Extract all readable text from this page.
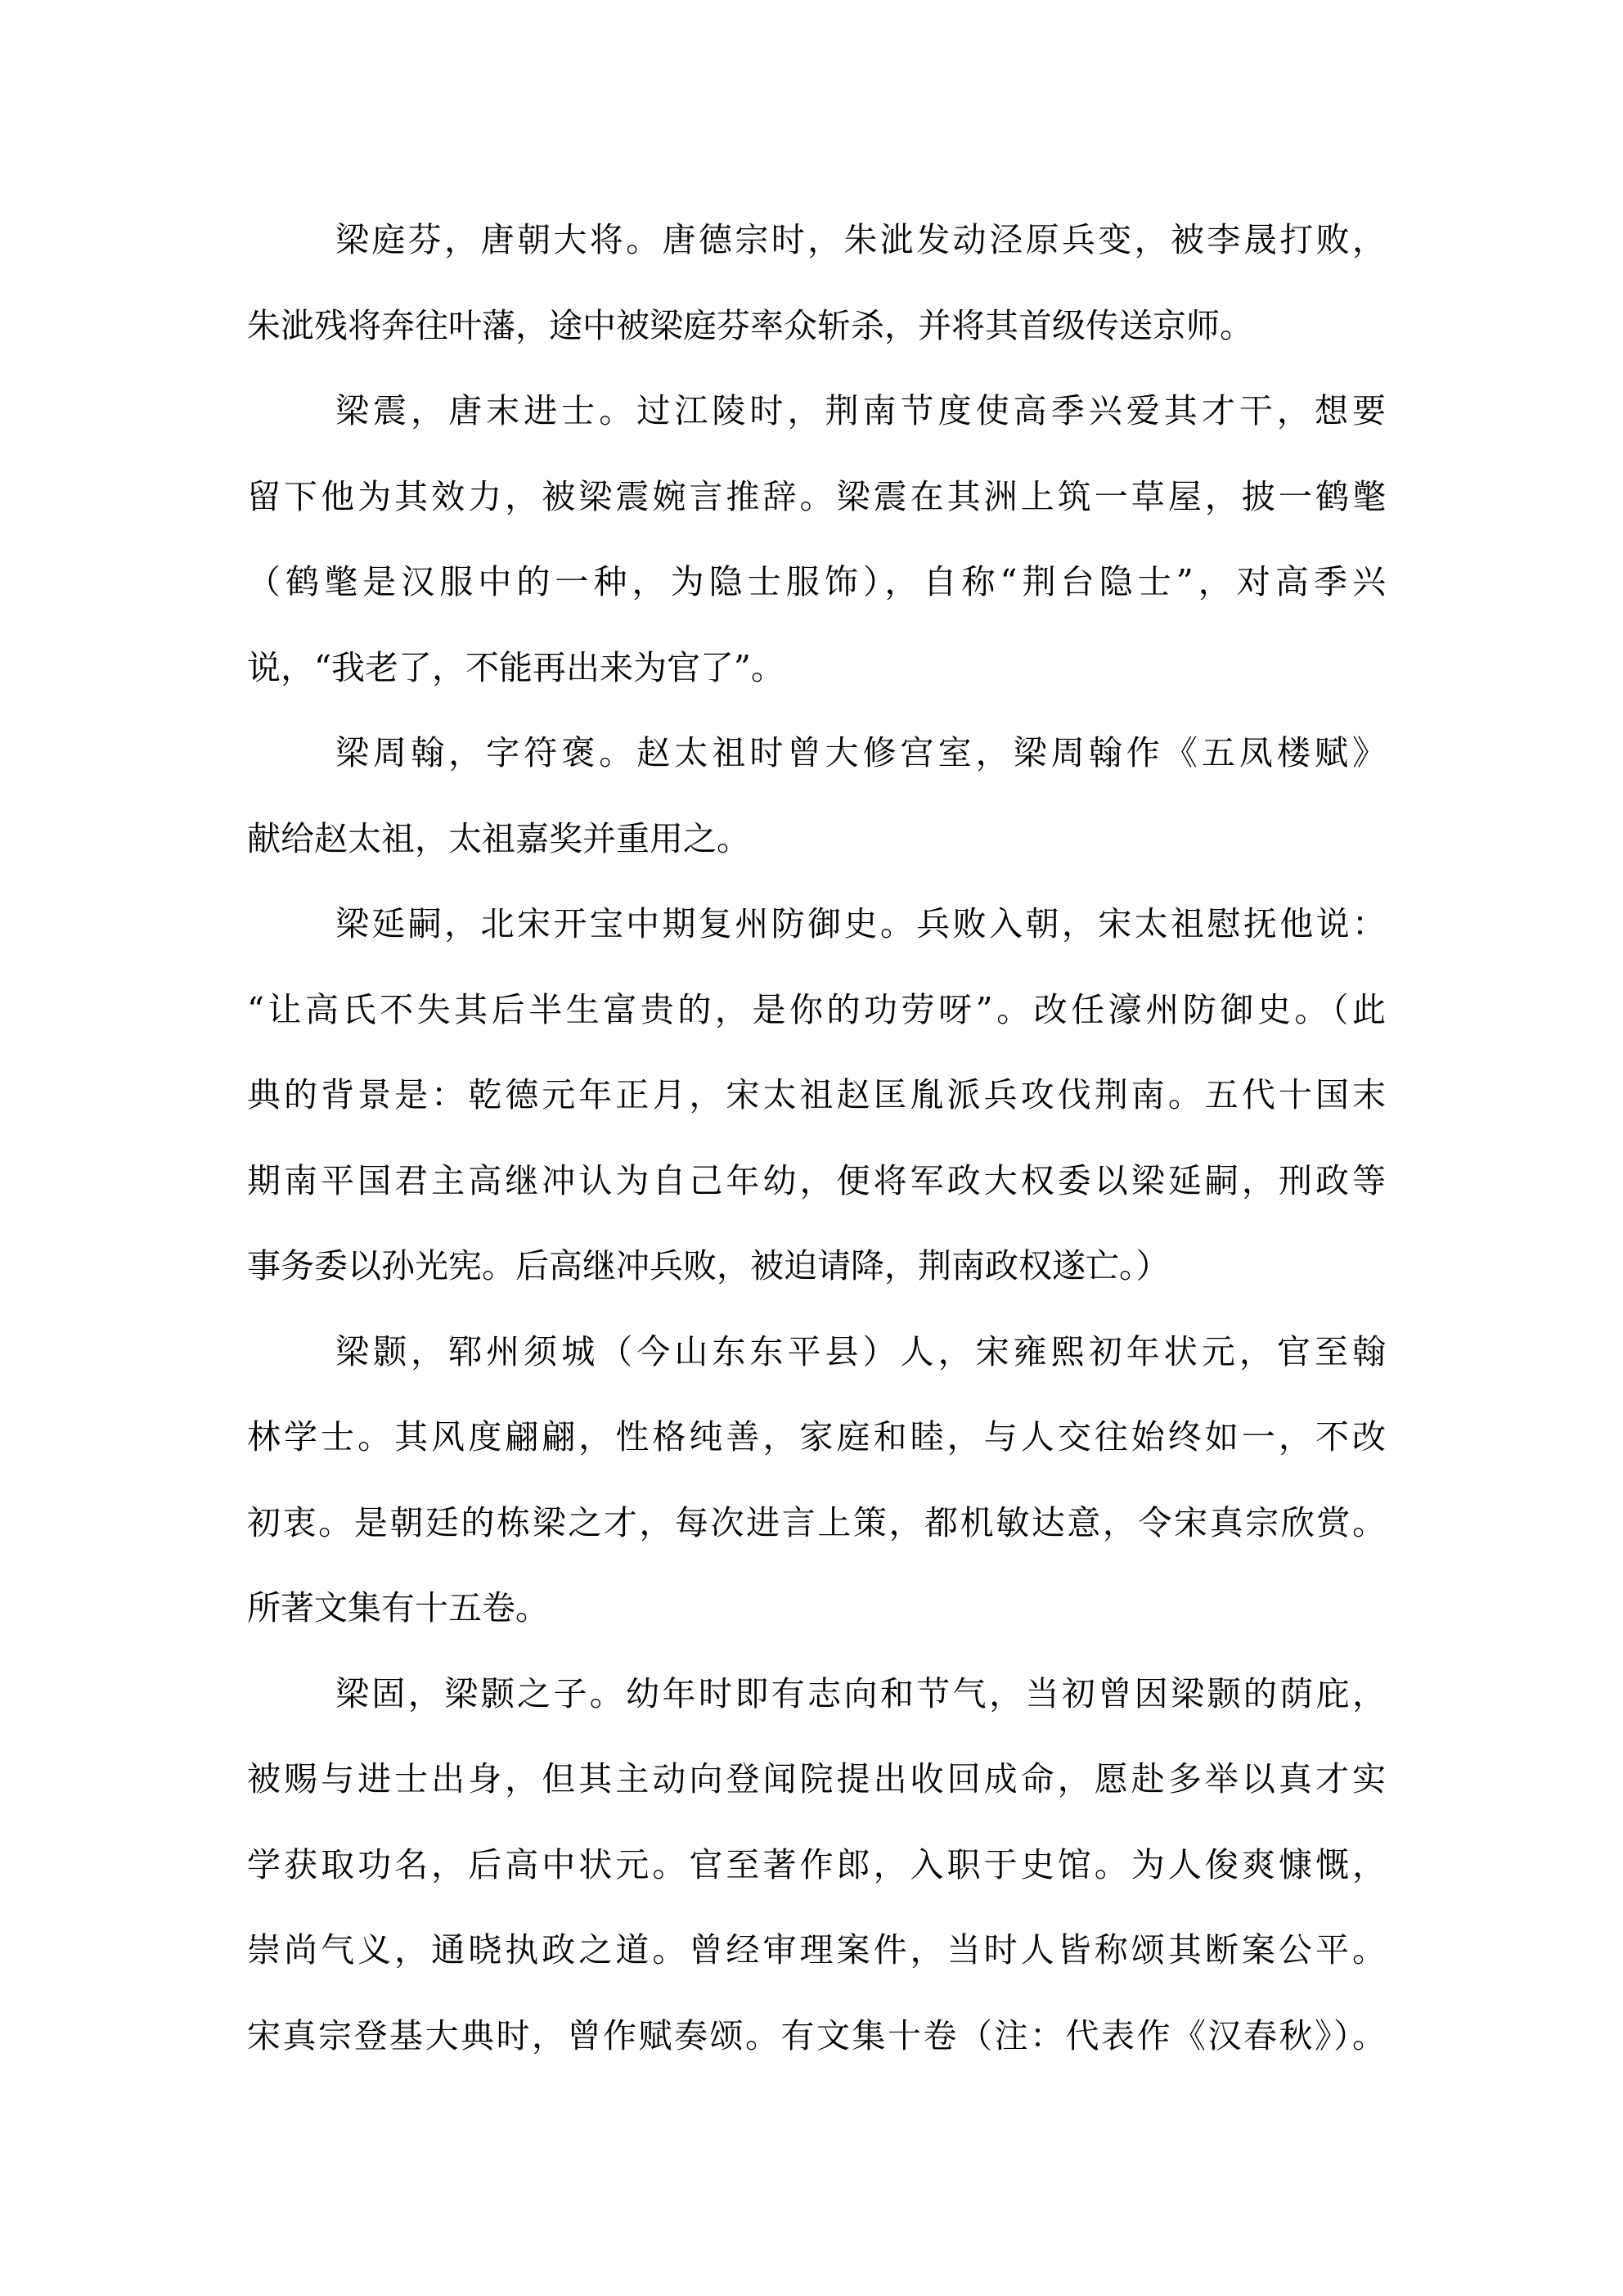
梁庭芬，唐朝大将。唐德宗时，朱泚发动泾原兵变，被李晟打败，
朱泚残将奔往叶藩，途中被梁庭芬率众斩杀，并将其首级传送京师。
梁震，唐末进士。过江陵时，荆南节度使高季兴爱其才干，想要
留下他为其效力，被梁震婉言推辞。梁震在其洲上筑一草屋，披一鹤氅
（鹤氅是汉服中的一种，为隐士服饰），自称“荆台隐士”，对高季兴
说，“我老了，不能再出来为官了”。
梁周翰，字符褒。赵太祖时曾大修宫室，梁周翰作《五凤楼赋》
献给赵太祖，太祖嘉奖并重用之。
梁延嗣，北宋开宝中期复州防御史。兵败入朝，宋太祖慰抚他说：
“让高氏不失其后半生富贵的，是你的功劳呀”。改任濠州防御史。（此
典的背景是：乾德元年正月，宋太祖赵匡胤派兵攻伐荆南。五代十国末
期南平国君主高继冲认为自己年幼，便将军政大权委以梁延嗣，刑政等
事务委以孙光宪。后高继冲兵败，被迫请降，荆南政权遂亡。）
梁颢，郓州须城（今山东东平县）人，宋雍熙初年状元，官至翰
林学士。其风度翩翩，性格纯善，家庭和睦，与人交往始终如一，不改
初衷。是朝廷的栋梁之才，每次进言上策，都机敏达意，令宋真宗欣赏。
所著文集有十五卷。
梁固，梁颢之子。幼年时即有志向和节气，当初曾因梁颢的荫庇，
被赐与进士出身，但其主动向登闻院提出收回成命，愿赴多举以真才实
学获取功名，后高中状元。官至著作郎，入职于史馆。为人俊爽慷慨，
崇尚气义，通晓执政之道。曾经审理案件，当时人皆称颂其断案公平。
宋真宗登基大典时，曾作赋奏颂。有文集十卷（注：代表作《汉春秋》）。
